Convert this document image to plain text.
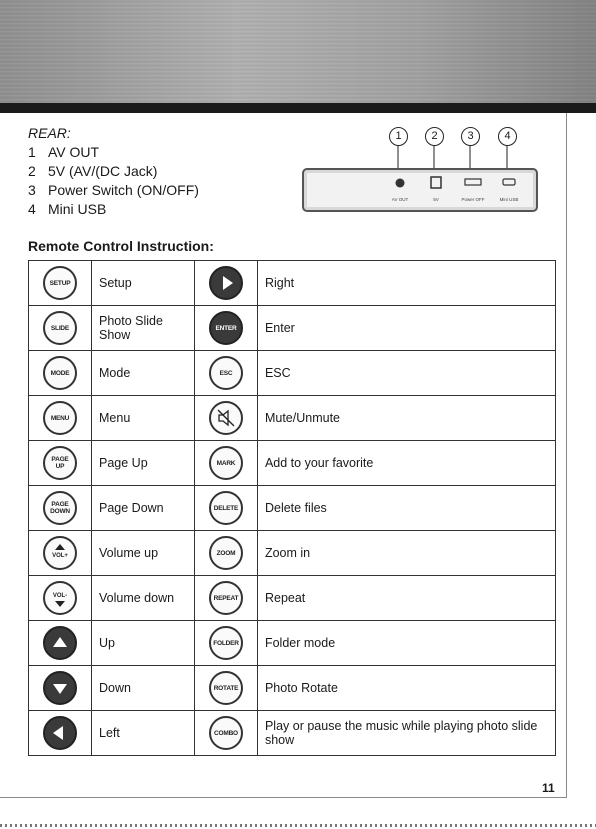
REAR:
1 AV OUT
2 5V (AV/(DC Jack)
3 Power Switch (ON/OFF)
4 Mini USB
1	2	3	4
AV OUT	5V	Power OFF	Mini USB
Remote Control Instruction:
SETUP	Setup		Right

SLIDE	Photo Slide Show	ENTER	Enter

MODE	Mode	ESC	ESC

MENU	Menu		Mute/Unmute

PAGE
UP	Page Up	MARK	Add to your favorite

PAGE
DOWN	Page Down	DELETE	Delete files

VOL+	Volume up	ZOOM	Zoom in

VOL-	Volume down	REPEAT	Repeat

	Up	FOLDER	Folder mode

	Down	ROTATE	Photo Rotate

	Left	COMBO	Play or pause the music while playing photo slide show
11
